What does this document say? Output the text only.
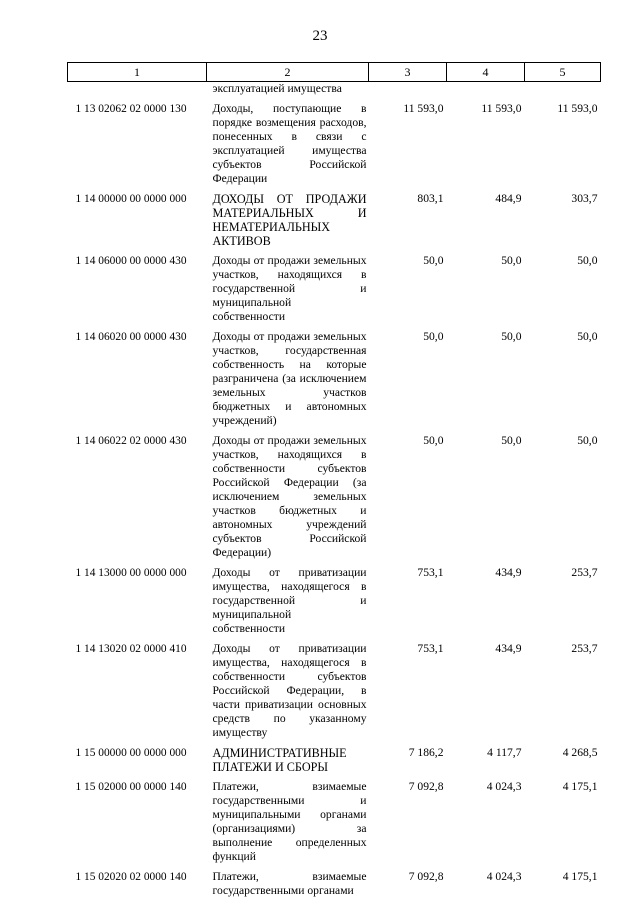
23
1	2	3	4	5
	эксплуатацией имущества			
1 13 02062 02 0000 130	Доходы, поступающие в порядке возмещения расходов, понесенных в связи с эксплуатацией имущества субъектов Российской Федерации	11 593,0	11 593,0	11 593,0
1 14 00000 00 0000 000	ДОХОДЫ ОТ ПРОДАЖИ МАТЕРИАЛЬНЫХ И НЕМАТЕРИАЛЬНЫХ АКТИВОВ	803,1	484,9	303,7
1 14 06000 00 0000 430	Доходы от продажи земельных участков, находящихся в государственной и муниципальной собственности	50,0	50,0	50,0
1 14 06020 00 0000 430	Доходы от продажи земельных участков, государственная собственность на которые разграничена (за исключением земельных участков бюджетных и автономных учреждений)	50,0	50,0	50,0
1 14 06022 02 0000 430	Доходы от продажи земельных участков, находящихся в собственности субъектов Российской Федерации (за исключением земельных участков бюджетных и автономных учреждений субъектов Российской Федерации)	50,0	50,0	50,0
1 14 13000 00 0000 000	Доходы от приватизации имущества, находящегося в государственной и муниципальной собственности	753,1	434,9	253,7
1 14 13020 02 0000 410	Доходы от приватизации имущества, находящегося в собственности субъектов Российской Федерации, в части приватизации основных средств по указанному имуществу	753,1	434,9	253,7
1 15 00000 00 0000 000	АДМИНИСТРАТИВНЫЕ ПЛАТЕЖИ И СБОРЫ	7 186,2	4 117,7	4 268,5
1 15 02000 00 0000 140	Платежи, взимаемые государственными и муниципальными органами (организациями) за выполнение определенных функций	7 092,8	4 024,3	4 175,1
1 15 02020 02 0000 140	Платежи, взимаемые государственными органами	7 092,8	4 024,3	4 175,1
